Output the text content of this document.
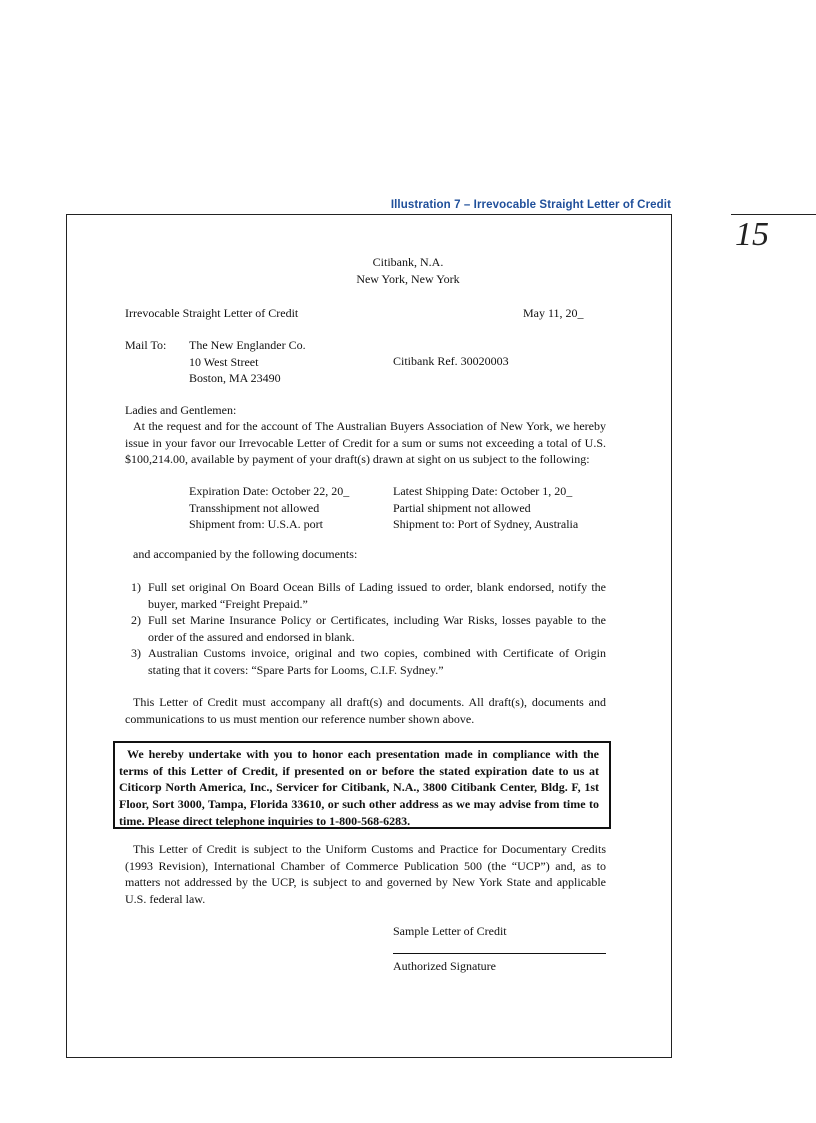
Illustration 7 – Irrevocable Straight Letter of Credit
15
Citibank, N.A.
New York, New York
Irrevocable Straight Letter of Credit	May 11, 20_
Mail To: The New Englander Co.
10 West Street
Boston, MA 23490
Citibank Ref. 30020003
Ladies and Gentlemen:

At the request and for the account of The Australian Buyers Association of New York, we hereby issue in your favor our Irrevocable Letter of Credit for a sum or sums not exceeding a total of U.S. $100,214.00, available by payment of your draft(s) drawn at sight on us subject to the following:

Expiration Date: October 22, 20_
Transshipment not allowed
Shipment from: U.S.A. port
Latest Shipping Date: October 1, 20_
Partial shipment not allowed
Shipment to: Port of Sydney, Australia
and accompanied by the following documents:
1) Full set original On Board Ocean Bills of Lading issued to order, blank endorsed, notify the buyer, marked “Freight Prepaid.”
2) Full set Marine Insurance Policy or Certificates, including War Risks, losses payable to the order of the assured and endorsed in blank.
3) Australian Customs invoice, original and two copies, combined with Certificate of Origin stating that it covers: “Spare Parts for Looms, C.I.F. Sydney.”

This Letter of Credit must accompany all draft(s) and documents. All draft(s), documents and communications to us must mention our reference number shown above.

We hereby undertake with you to honor each presentation made in compliance with the terms of this Letter of Credit, if presented on or before the stated expiration date to us at Citicorp North America, Inc., Servicer for Citibank, N.A., 3800 Citibank Center, Bldg. F, 1st Floor, Sort 3000, Tampa, Florida 33610, or such other address as we may advise from time to time. Please direct telephone inquiries to 1-800-568-6283.

This Letter of Credit is subject to the Uniform Customs and Practice for Documentary Credits (1993 Revision), International Chamber of Commerce Publication 500 (the “UCP”) and, as to matters not addressed by the UCP, is subject to and governed by New York State and applicable U.S. federal law.

Sample Letter of Credit
Authorized Signature
